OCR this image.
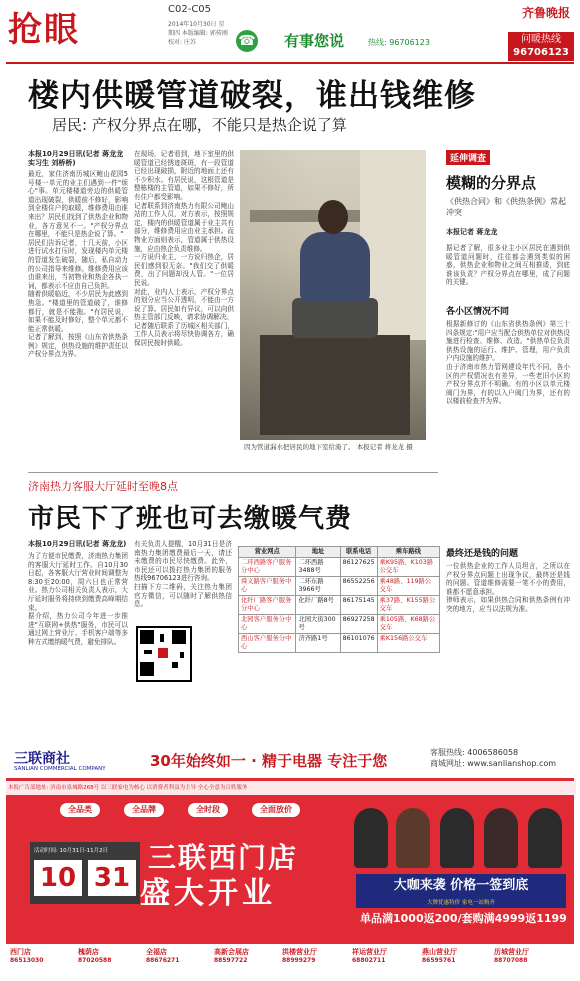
抢眼
C02-C05
2014年10月30日 星期四 本版编辑: 郭传刚 校对: 庄苏
齐鲁晚报
☎ 有事您说	热线: 96706123	问暖热线
96706123
楼内供暖管道破裂，谁出钱维修
居民: 产权分界点在哪，不能只是热企说了算
本报10月29日讯(记者 蒋龙龙 实习生 刘桥桥)
最近，家住济南历城区鲍山花园5号楼一单元的业主们遇到一件"烦心"事。单元楼楼道旁边的供暖管道出现破裂，供暖前不修好，影响到全楼住户的取暖，维修费用由谁来出？居民们找到了供热企业和物业，各方意见不一。"产权分界点在哪里，不能只是热企说了算。"
居民们告诉记者，十几天前，小区进行试水打压时，发现楼内单元楼的管道发生破裂，随后，私自动力的公司指导来维修。维修费用应该由谁来出，当初物业和热企各执一词，都表示不应由自己负担。
随着供暖临近，不少居民为此感到焦急。"楼道里的管道破了，谁修都行，就是不能拖。"有居民说，如果不能及时修好，整个单元都不能正常供暖。
记者了解到，按照《山东省供热条例》规定，供热设施的维护责任以产权分界点为界。
在现场，记者看到，地下室里的供暖管道已经锈迹斑斑，有一段管道已经出现破损，附近的地面上还有不少积水。有居民说，这根管道是整栋楼的主管道，如果不修好，所有住户都受影响。
记者联系到济南热力有限公司鲍山站的工作人员，对方表示，按照规定，楼内的供暖管道属于业主共有部分，维修费用应由业主承担。而物业方面则表示，管道属于供热设施，应由热企负责维修。
一方说归业主，一方说归热企，居民们感到很无奈。"我们交了供暖费，出了问题却没人管。"一位居民说。
对此，业内人士表示，产权分界点的划分应当公开透明，不能由一方说了算。居民如有异议，可以向供热主管部门反映，请求协调解决。
记者随后联系了历城区相关部门，工作人员表示将尽快协调各方，确保居民按时供暖。
因为管道漏水把居民的地下室给淹了。 本报记者 蒋龙龙 摄
延伸调查
模糊的分界点
《供热合同》和《供热条例》常起冲突
本报记者 蒋龙龙
据记者了解，很多业主小区居民在遇到供暖管道问题时，往往都会遇到类似的困惑，供热企业和物业之间互相推诿，到底谁该负责？产权分界点在哪里，成了问题的关键。
各小区情况不同
根据新修订的《山东省供热条例》第三十四条规定:"用户应当配合供热单位对供热设施进行检查、维修、改造。"供热单位负责供热设施的运行、维护、管理，用户负责户内设施的维护。
由于济南市热力管网建设年代不同，各小区的产权情况也有差异，一些老旧小区的产权分界点并不明确。有的小区以单元楼阀门为界，有的以入户阀门为界，还有的以楼前检查井为界。
最终还是钱的问题
一位供热企业的工作人员坦言，之所以在产权分界点问题上出现争议，最终还是钱的问题。管道维修需要一笔不小的费用，谁都不愿意承担。
律师表示，如果供热合同和供热条例有冲突的地方，应当以法规为准。
济南热力客服大厅延时至晚8点
市民下了班也可去缴暖气费
本报10月29日讯(记者 蒋龙龙)
为了方便市民缴费，济南热力集团的客服大厅延时工作。自10月30日起，各客服大厅营业时间调整为8:30至20:00，周六日也正常营业。热力公司相关负责人表示，大厅延时服务将持续到缴费高峰期结束。
据介绍，热力公司今年进一步推进"互联网+供热"服务，市民可以通过网上营业厅、手机客户端等多种方式缴纳暖气费，避免排队。
有关负责人提醒，10月31日是济南热力集团缴费最后一天，请还未缴费的市民尽快缴费。此外，市民还可以拨打热力集团的服务热线96706123进行咨询。
扫描下方二维码，关注热力集团官方微信，可以随时了解供热信息。
营业网点	地址	联系电话	乘车路线
二环西路客户服务分中心	二环西路3488号	86127625	乘K95路、K103路公交车
舜义路客户服务中心	二环东路3966号	86552256	乘48路、119路公交车
化纤厂路客户服务分中心	化纤厂路8号	86175145	乘37路、K155路公交车
北园客户服务分中心	北园大街300号	86927258	乘105路、K68路公交车
西山客户服务分中心	济齐路1号	86101076	乘K156路公交车
三联商社
SANLIAN COMMERCIAL COMPANY	30年始终如一 · 精于电器 专注于您	客服热线: 4006586058
商城网址: www.sanlianshop.com
本报广告部地址: 济南市泉城路268号 以三联家电为核心 以消费者利益为主导 全心全意为百姓服务
全品类	全品牌	全时段	全面放价
活动时间: 10月31日-11月2日
10 31
三联西门店
盛大开业	大咖来袭 价格一签到底
大牌优惠特价 家电一站购齐
单品满1000返200/套购满4999返1199
西门店
86513030
槐荫店
87020588
全福店
88676271
高新会展店
88597722
洪楼营业厅
88999279
祥运营业厅
68802711
燕山营业厅
86595761
历城营业厅
88707088
